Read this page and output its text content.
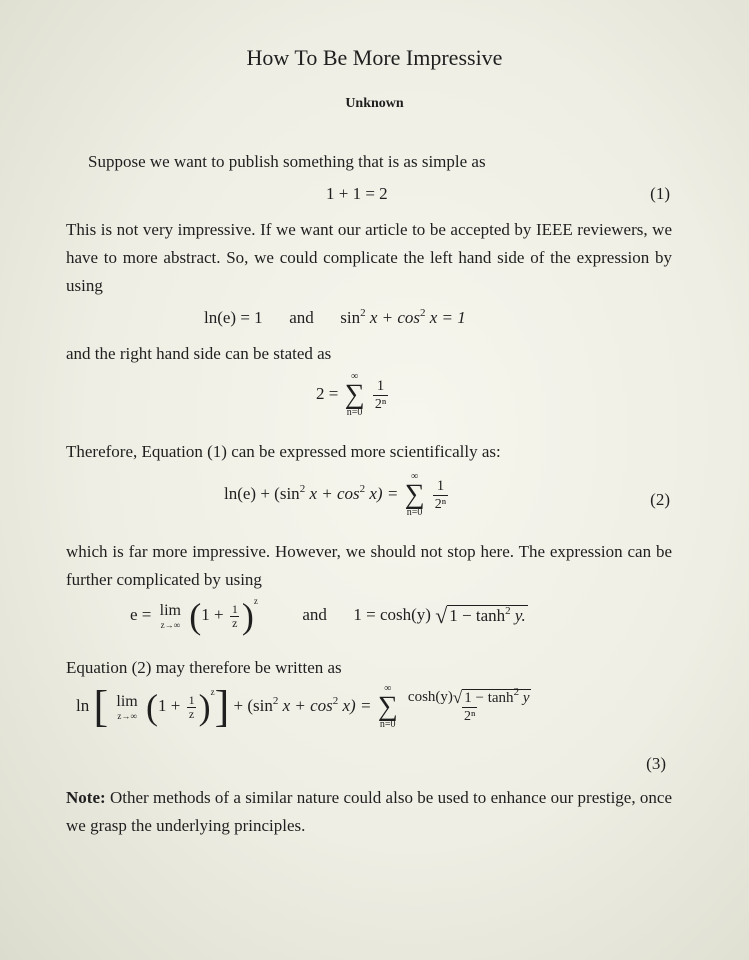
How To Be More Impressive
Unknown

Suppose we want to publish something that is as simple as

1 + 1 = 2	(1)

This is not very impressive. If we want our article to be accepted by IEEE reviewers, we have to more abstract. So, we could complicate the left hand side of the expression by using

ln(e) = 1 and $\sin^2 x + \cos^2 x = 1$

and the right hand side can be stated as

2 =
∞
∑
n=0
$\frac{1}{\text{2ⁿ}}$

Therefore, Equation (1) can be expressed more scientifically as:

$\ln(e) + (\sin^2$ $x + \cos^2 x$) =
∞
∑
n=0
$\frac{1}{\text{2ⁿ}}$	(2)

which is far more impressive. However, we should not stop here. The expression can be further complicated by using

e = lim
z→∞ $(1 + \frac{1}{z} )^z$  and 1 = cosh(y) √ $1 - \tanh^2 y$.

Equation (2) may therefore be written as

ln [ lim
z→∞ $(1 + \frac{1}{z} )^z] + (\sin^2$ $x + \cos^2 x$) =
∞
∑
n=0
$\frac{\cosh(y)√ 1 - \tanh^2 y}{\text{2ⁿ}}$
(3)

Note: Other methods of a similar nature could also be used to enhance our prestige, once we grasp the underlying principles.
